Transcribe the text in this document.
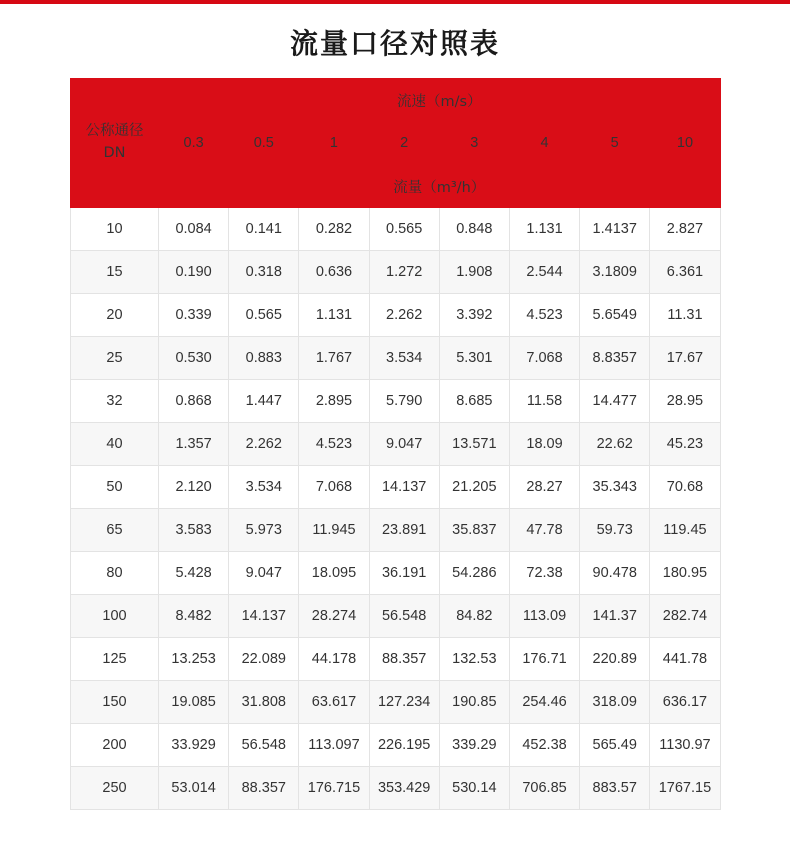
流量口径对照表
公称通径
DN	流速（m/s）							
	0.3	0.5	1	2	3	4	5	10
	流量（m³/h）							
10	0.084	0.141	0.282	0.565	0.848	1.131	1.4137	2.827
15	0.190	0.318	0.636	1.272	1.908	2.544	3.1809	6.361
20	0.339	0.565	1.131	2.262	3.392	4.523	5.6549	11.31
25	0.530	0.883	1.767	3.534	5.301	7.068	8.8357	17.67
32	0.868	1.447	2.895	5.790	8.685	11.58	14.477	28.95
40	1.357	2.262	4.523	9.047	13.571	18.09	22.62	45.23
50	2.120	3.534	7.068	14.137	21.205	28.27	35.343	70.68
65	3.583	5.973	11.945	23.891	35.837	47.78	59.73	119.45
80	5.428	9.047	18.095	36.191	54.286	72.38	90.478	180.95
100	8.482	14.137	28.274	56.548	84.82	113.09	141.37	282.74
125	13.253	22.089	44.178	88.357	132.53	176.71	220.89	441.78
150	19.085	31.808	63.617	127.234	190.85	254.46	318.09	636.17
200	33.929	56.548	113.097	226.195	339.29	452.38	565.49	1130.97
250	53.014	88.357	176.715	353.429	530.14	706.85	883.57	1767.15
